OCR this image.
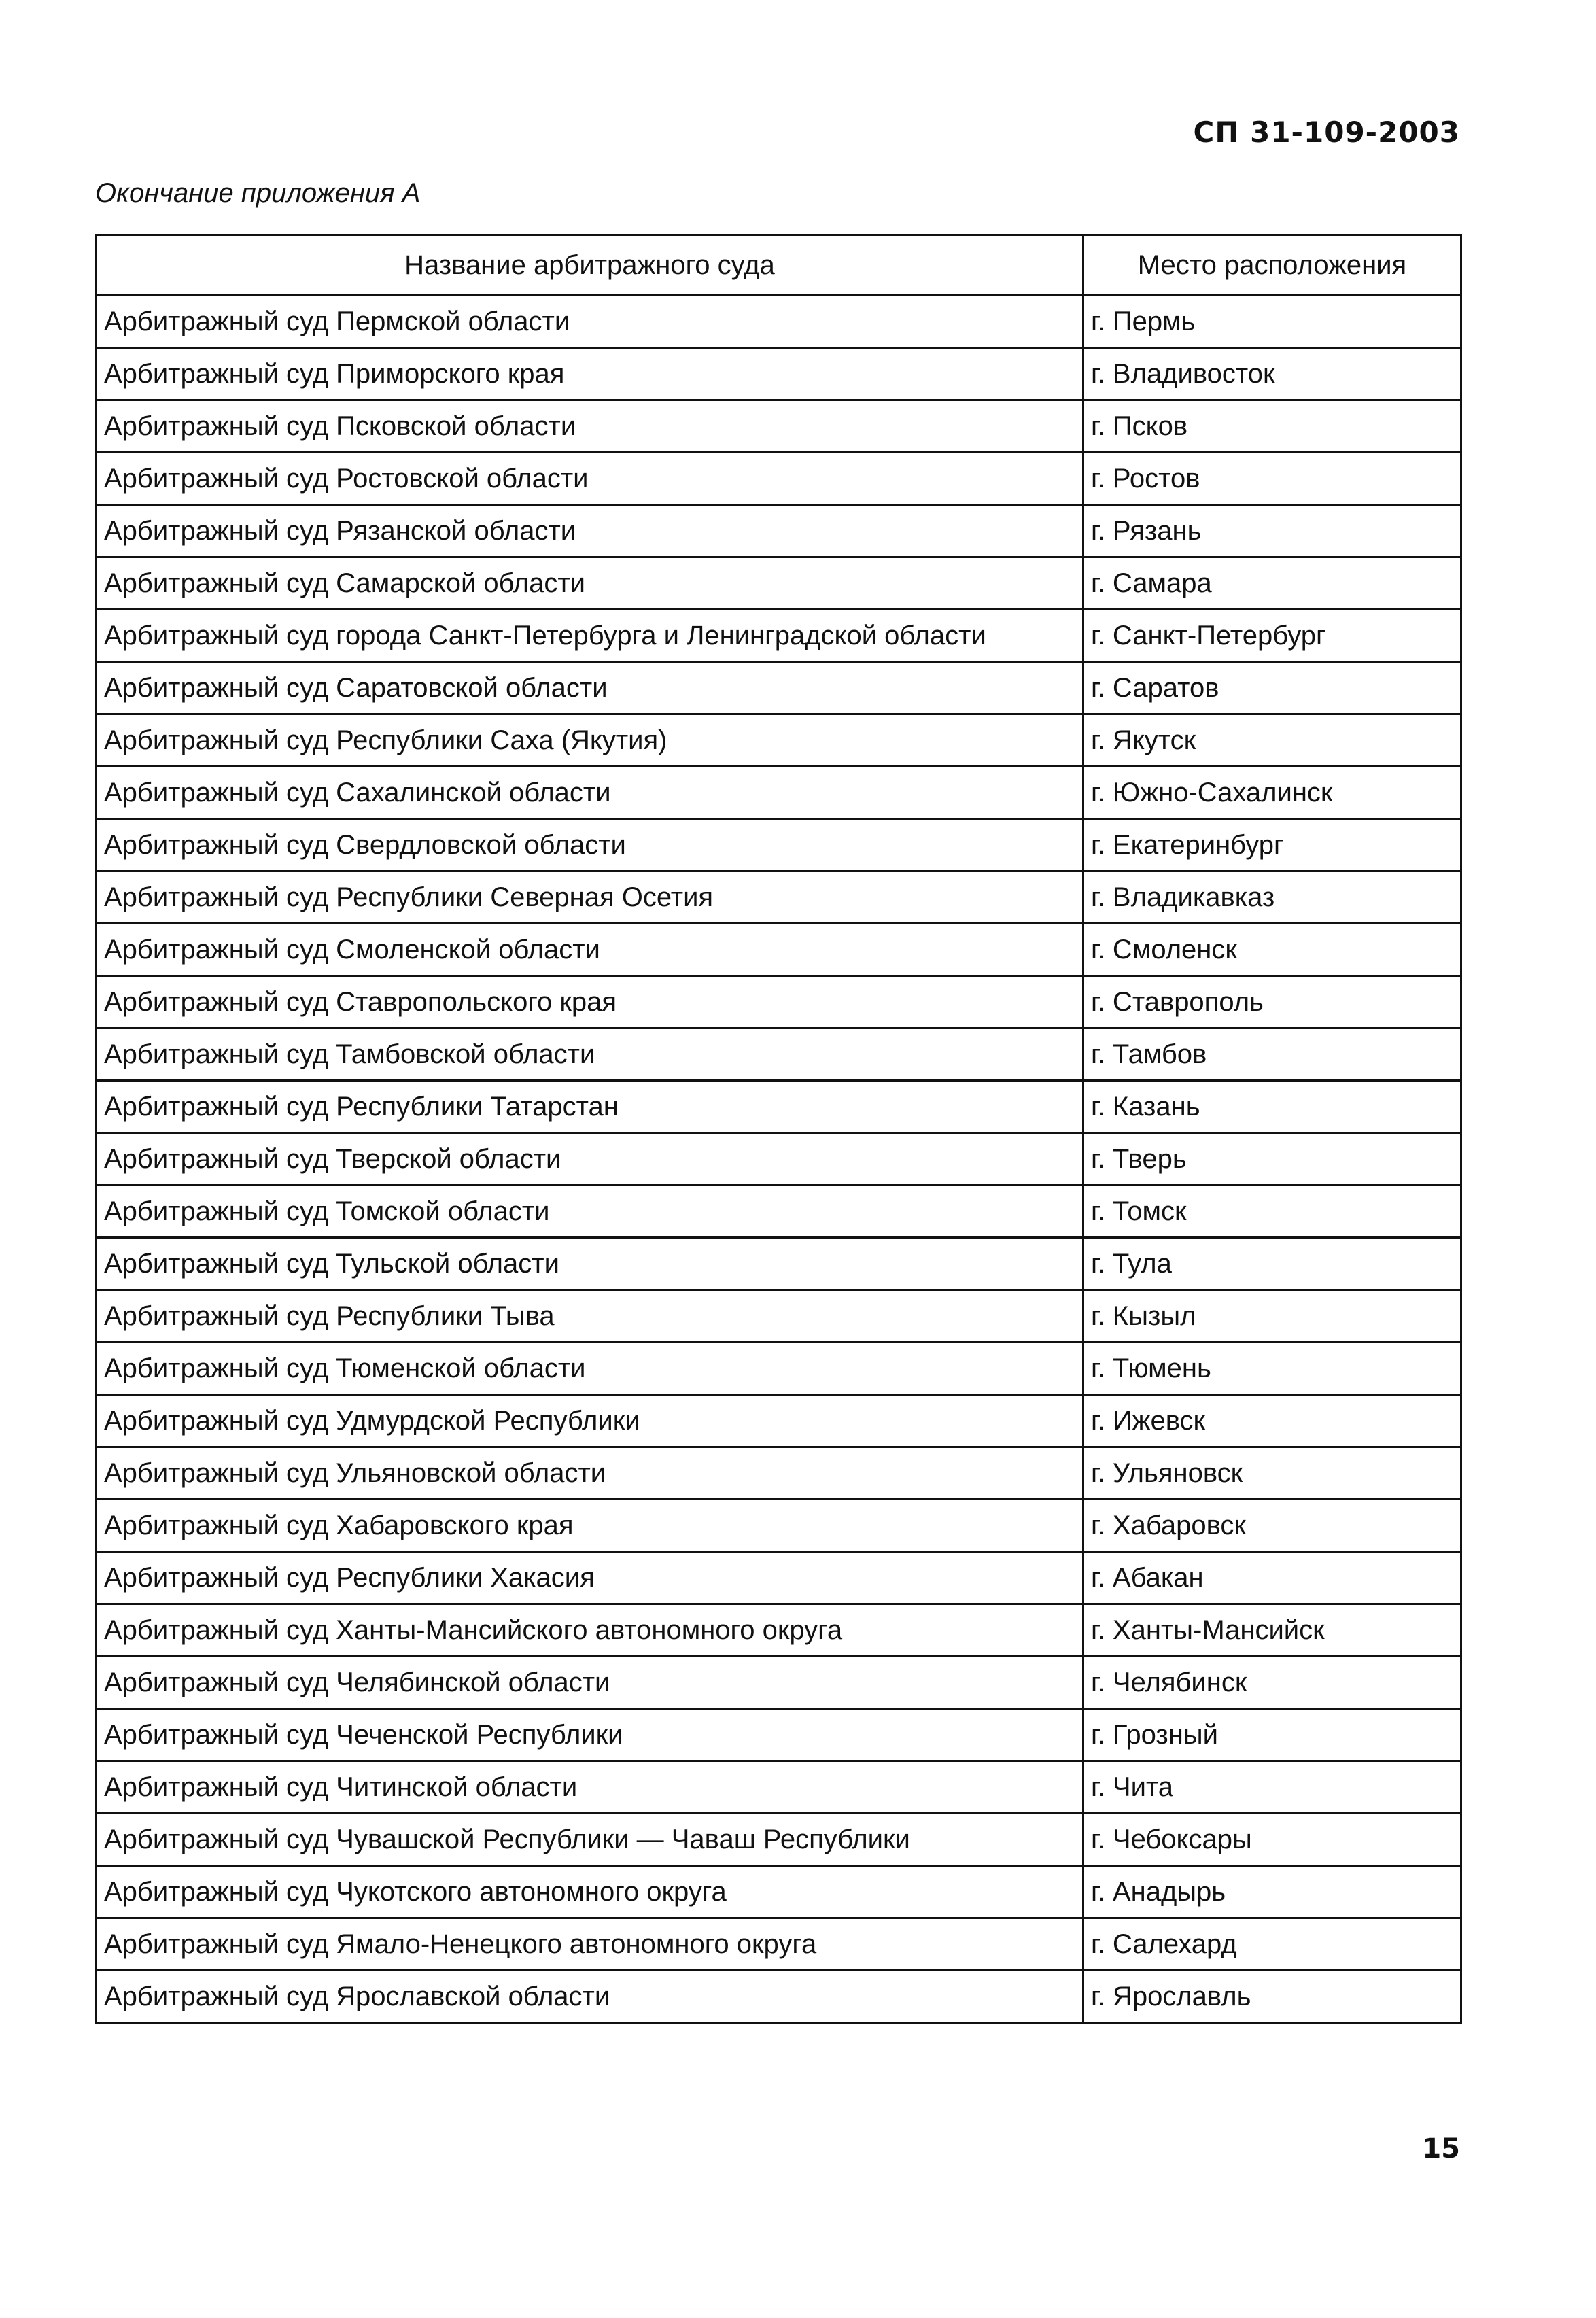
СП 31-109-2003
Окончание приложения А
Название арбитражного суда	Место расположения
Арбитражный суд Пермской области	г. Пермь
Арбитражный суд Приморского края	г. Владивосток
Арбитражный суд Псковской области	г. Псков
Арбитражный суд Ростовской области	г. Ростов
Арбитражный суд Рязанской области	г. Рязань
Арбитражный суд Самарской области	г. Самара
Арбитражный суд города Санкт-Петербурга и Ленинградской области	г. Санкт-Петербург
Арбитражный суд Саратовской области	г. Саратов
Арбитражный суд Республики Саха (Якутия)	г. Якутск
Арбитражный суд Сахалинской области	г. Южно-Сахалинск
Арбитражный суд Свердловской области	г. Екатеринбург
Арбитражный суд Республики Северная Осетия	г. Владикавказ
Арбитражный суд Смоленской области	г. Смоленск
Арбитражный суд Ставропольского края	г. Ставрополь
Арбитражный суд Тамбовской области	г. Тамбов
Арбитражный суд Республики Татарстан	г. Казань
Арбитражный суд Тверской области	г. Тверь
Арбитражный суд Томской области	г. Томск
Арбитражный суд Тульской области	г. Тула
Арбитражный суд Республики Тыва	г. Кызыл
Арбитражный суд Тюменской области	г. Тюмень
Арбитражный суд Удмурдской Республики	г. Ижевск
Арбитражный суд Ульяновской области	г. Ульяновск
Арбитражный суд Хабаровского края	г. Хабаровск
Арбитражный суд Республики Хакасия	г. Абакан
Арбитражный суд Ханты-Мансийского автономного округа	г. Ханты-Мансийск
Арбитражный суд Челябинской области	г. Челябинск
Арбитражный суд Чеченской Республики	г. Грозный
Арбитражный суд Читинской области	г. Чита
Арбитражный суд Чувашской Республики — Чаваш Республики	г. Чебоксары
Арбитражный суд Чукотского автономного округа	г. Анадырь
Арбитражный суд Ямало-Ненецкого автономного округа	г. Салехард
Арбитражный суд Ярославской области	г. Ярославль
15
